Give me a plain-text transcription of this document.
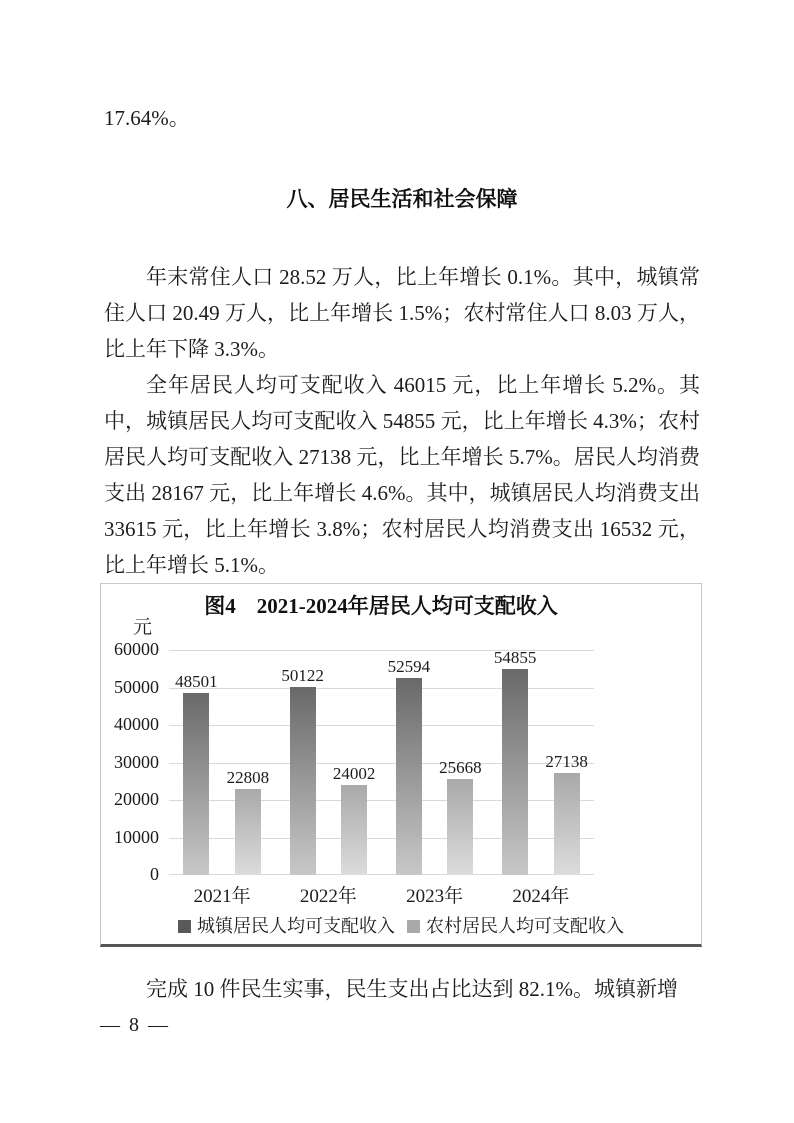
17.64%。
八、居民生活和社会保障

年末常住人口 28.52 万人，比上年增长 0.1%。其中，城镇常住人口 20.49 万人，比上年增长 1.5%；农村常住人口 8.03 万人，比上年下降 3.3%。

全年居民人均可支配收入 46015 元，比上年增长 5.2%。其中，城镇居民人均可支配收入 54855 元，比上年增长 4.3%；农村居民人均可支配收入 27138 元，比上年增长 5.7%。居民人均消费支出 28167 元，比上年增长 4.6%。其中，城镇居民人均消费支出 33615 元，比上年增长 3.8%；农村居民人均消费支出 16532 元，比上年增长 5.1%。

图4　2021-2024年居民人均可支配收入
元
60000
50000
40000
30000
20000
10000
0
48501
22808
50122
24002
52594
25668
54855
27138
2021年	2022年	2023年	2024年
城镇居民人均可支配收入 农村居民人均可支配收入

完成 10 件民生实事，民生支出占比达到 82.1%。城镇新增

— 8 —
